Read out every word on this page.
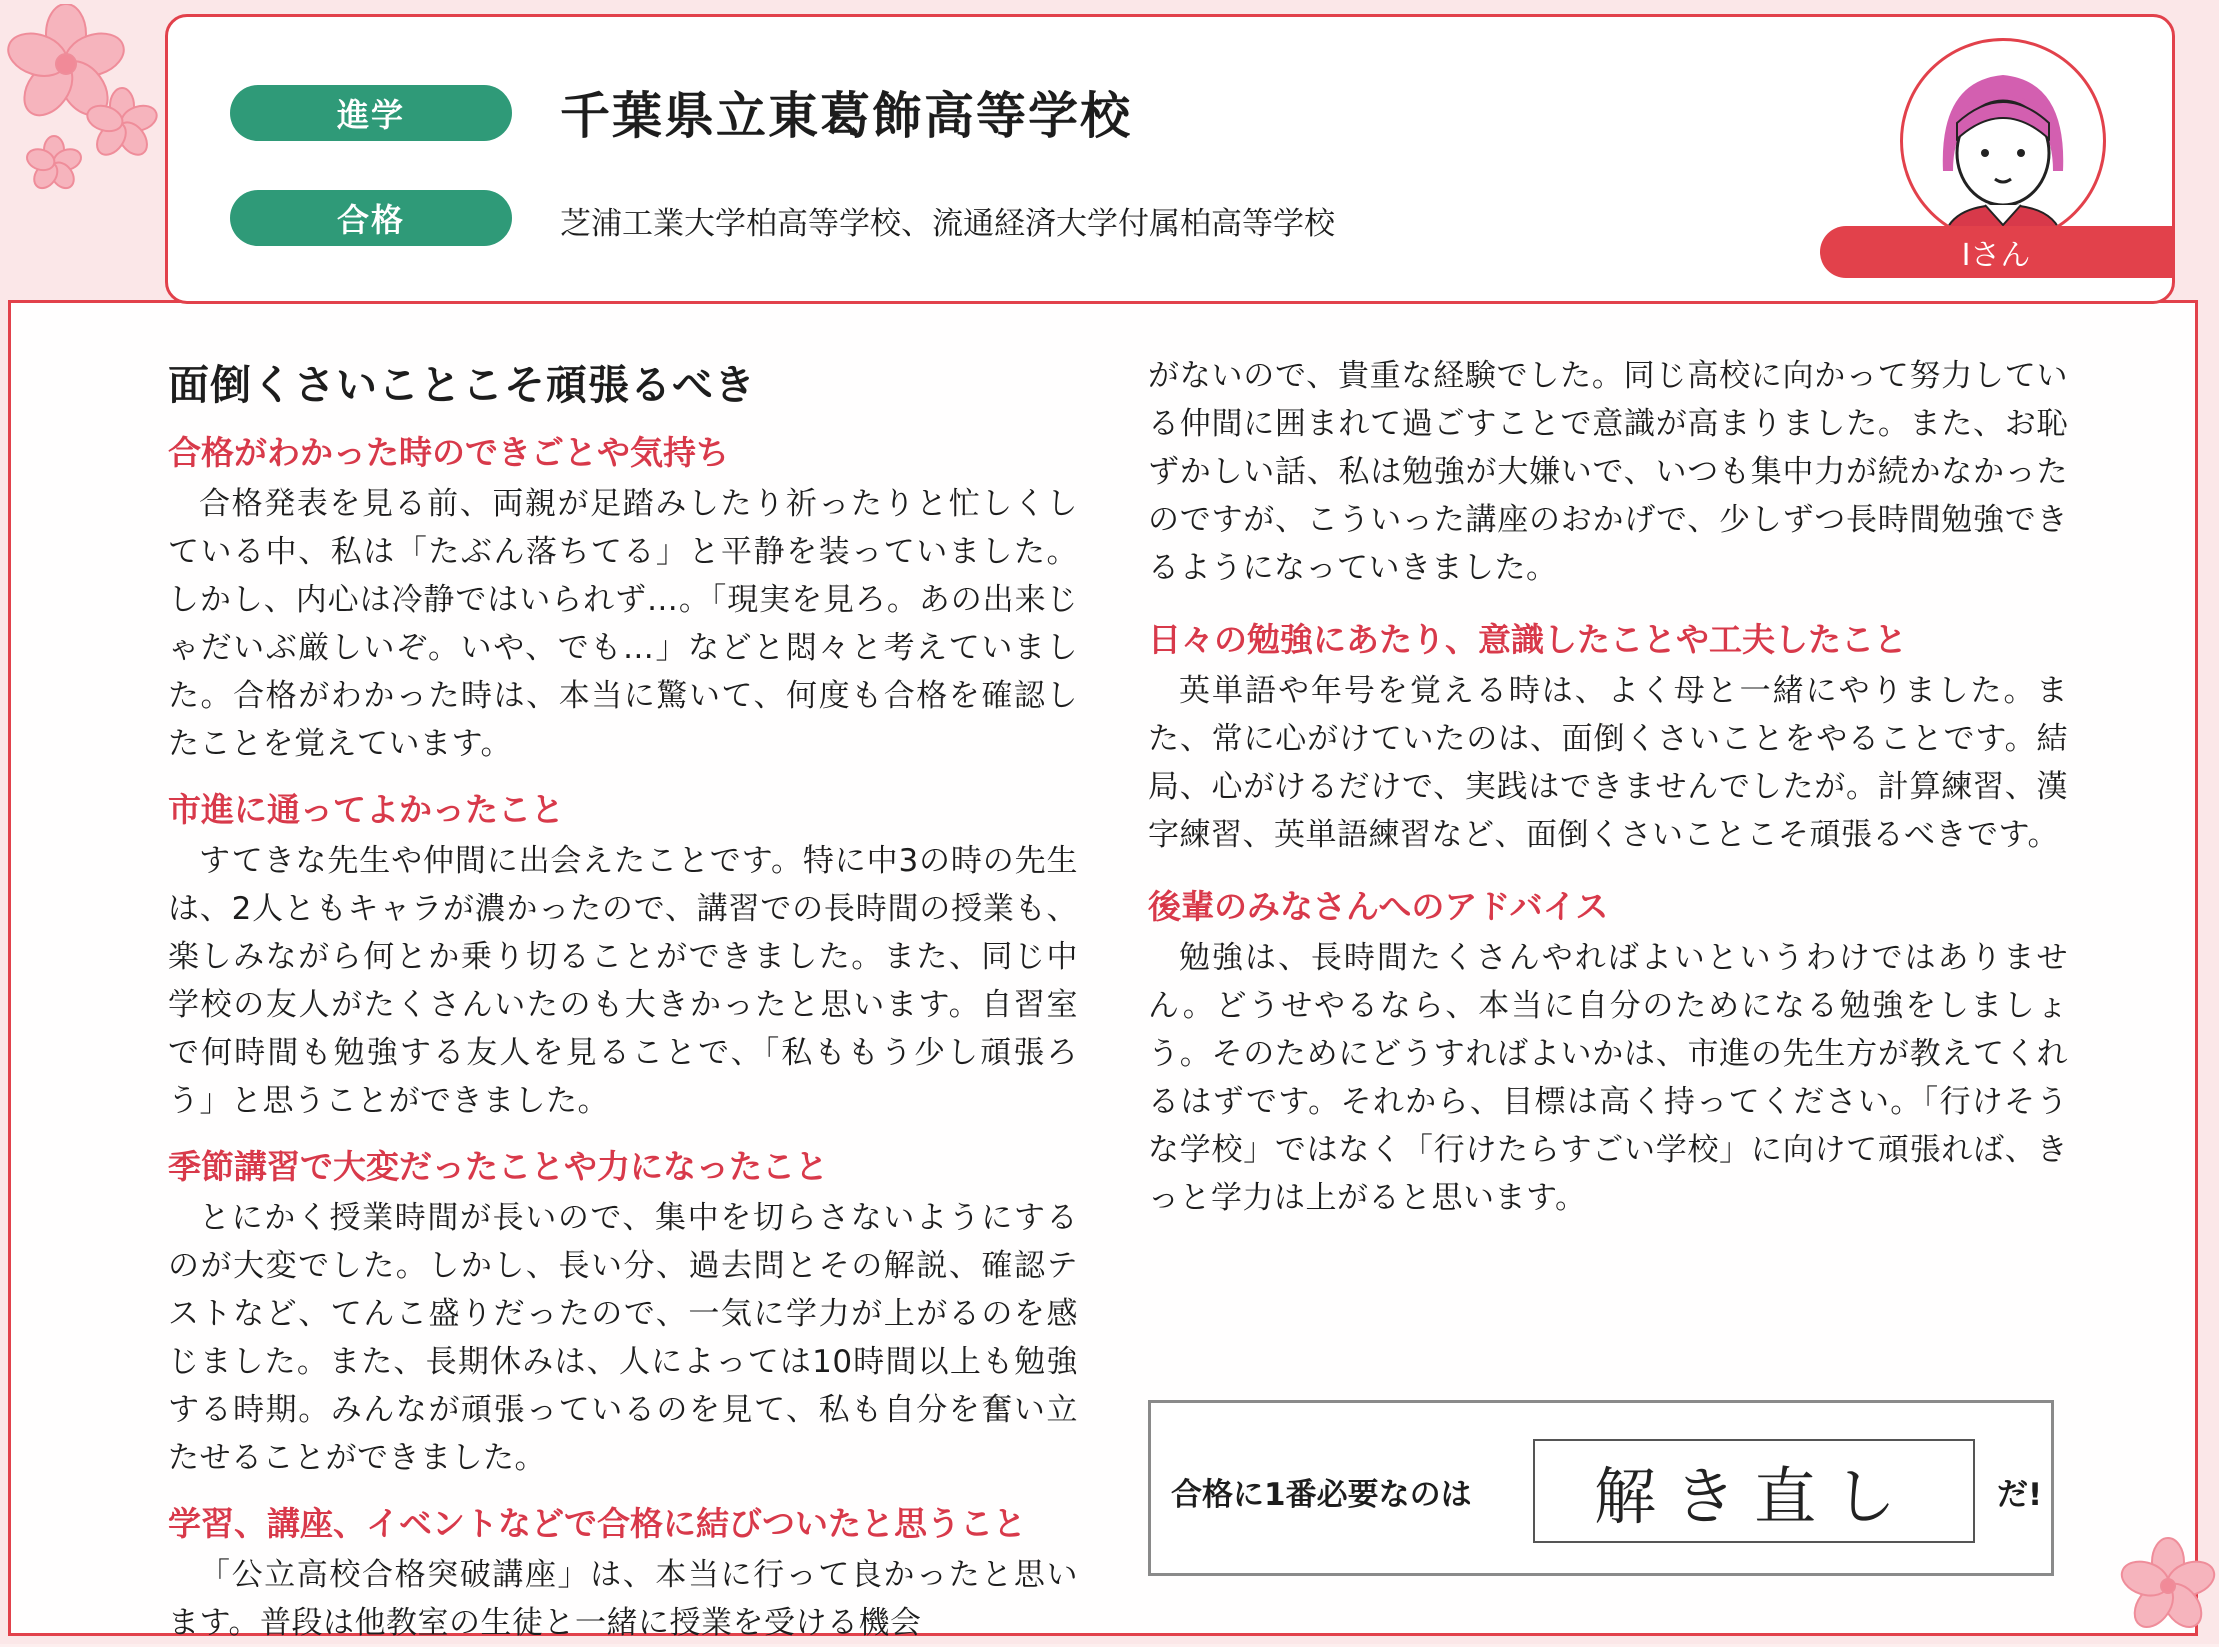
進学	千葉県立東葛飾高等学校
合格	芝浦工業大学柏高等学校、流通経済大学付属柏高等学校
Iさん
面倒くさいことこそ頑張るべき
合格がわかった時のできごとや気持ち

合格発表を見る前、両親が足踏みしたり祈ったりと忙しくしている中、私は「たぶん落ちてる」と平静を装っていました。しかし、内心は冷静ではいられず…。「現実を見ろ。あの出来じゃだいぶ厳しいぞ。いや、でも…」などと悶々と考えていました。合格がわかった時は、本当に驚いて、何度も合格を確認したことを覚えています。

市進に通ってよかったこと

すてきな先生や仲間に出会えたことです。特に中3の時の先生は、2人ともキャラが濃かったので、講習での長時間の授業も、楽しみながら何とか乗り切ることができました。また、同じ中学校の友人がたくさんいたのも大きかったと思います。自習室で何時間も勉強する友人を見ることで、「私ももう少し頑張ろう」と思うことができました。

季節講習で大変だったことや力になったこと

とにかく授業時間が長いので、集中を切らさないようにするのが大変でした。しかし、長い分、過去問とその解説、確認テストなど、てんこ盛りだったので、一気に学力が上がるのを感じました。また、長期休みは、人によっては10時間以上も勉強する時期。みんなが頑張っているのを見て、私も自分を奮い立たせることができました。

学習、講座、イベントなどで合格に結びついたと思うこと

「公立高校合格突破講座」は、本当に行って良かったと思います。普段は他教室の生徒と一緒に授業を受ける機会

がないので、貴重な経験でした。同じ高校に向かって努力している仲間に囲まれて過ごすことで意識が高まりました。また、お恥ずかしい話、私は勉強が大嫌いで、いつも集中力が続かなかったのですが、こういった講座のおかげで、少しずつ長時間勉強できるようになっていきました。

日々の勉強にあたり、意識したことや工夫したこと

英単語や年号を覚える時は、よく母と一緒にやりました。また、常に心がけていたのは、面倒くさいことをやることです。結局、心がけるだけで、実践はできませんでしたが。計算練習、漢字練習、英単語練習など、面倒くさいことこそ頑張るべきです。

後輩のみなさんへのアドバイス

勉強は、長時間たくさんやればよいというわけではありません。どうせやるなら、本当に自分のためになる勉強をしましょう。そのためにどうすればよいかは、市進の先生方が教えてくれるはずです。それから、目標は高く持ってください。「行けそうな学校」ではなく「行けたらすごい学校」に向けて頑張れば、きっと学力は上がると思います。

合格に1番必要なのは	解き直し	だ!
